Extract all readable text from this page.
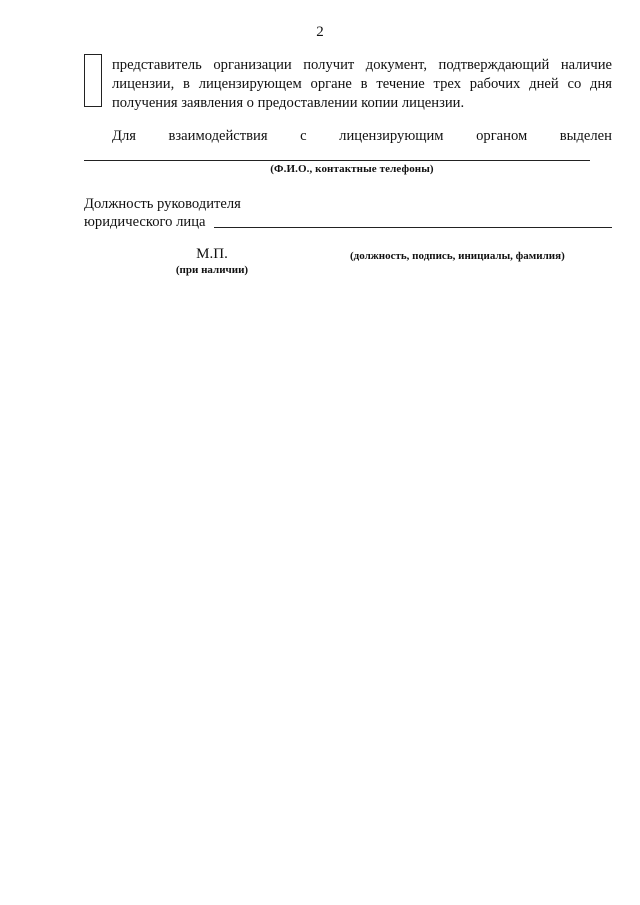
2
представитель организации получит документ, подтверждающий наличие
лицензии, в лицензирующем органе в течение трех рабочих дней со дня
получения заявления о предоставлении копии лицензии.
Для взаимодействия с лицензирующим органом выделен
(Ф.И.О., контактные телефоны)
Должность руководителя
юридического лица
М.П.
(при наличии)
(должность, подпись, инициалы, фамилия)
